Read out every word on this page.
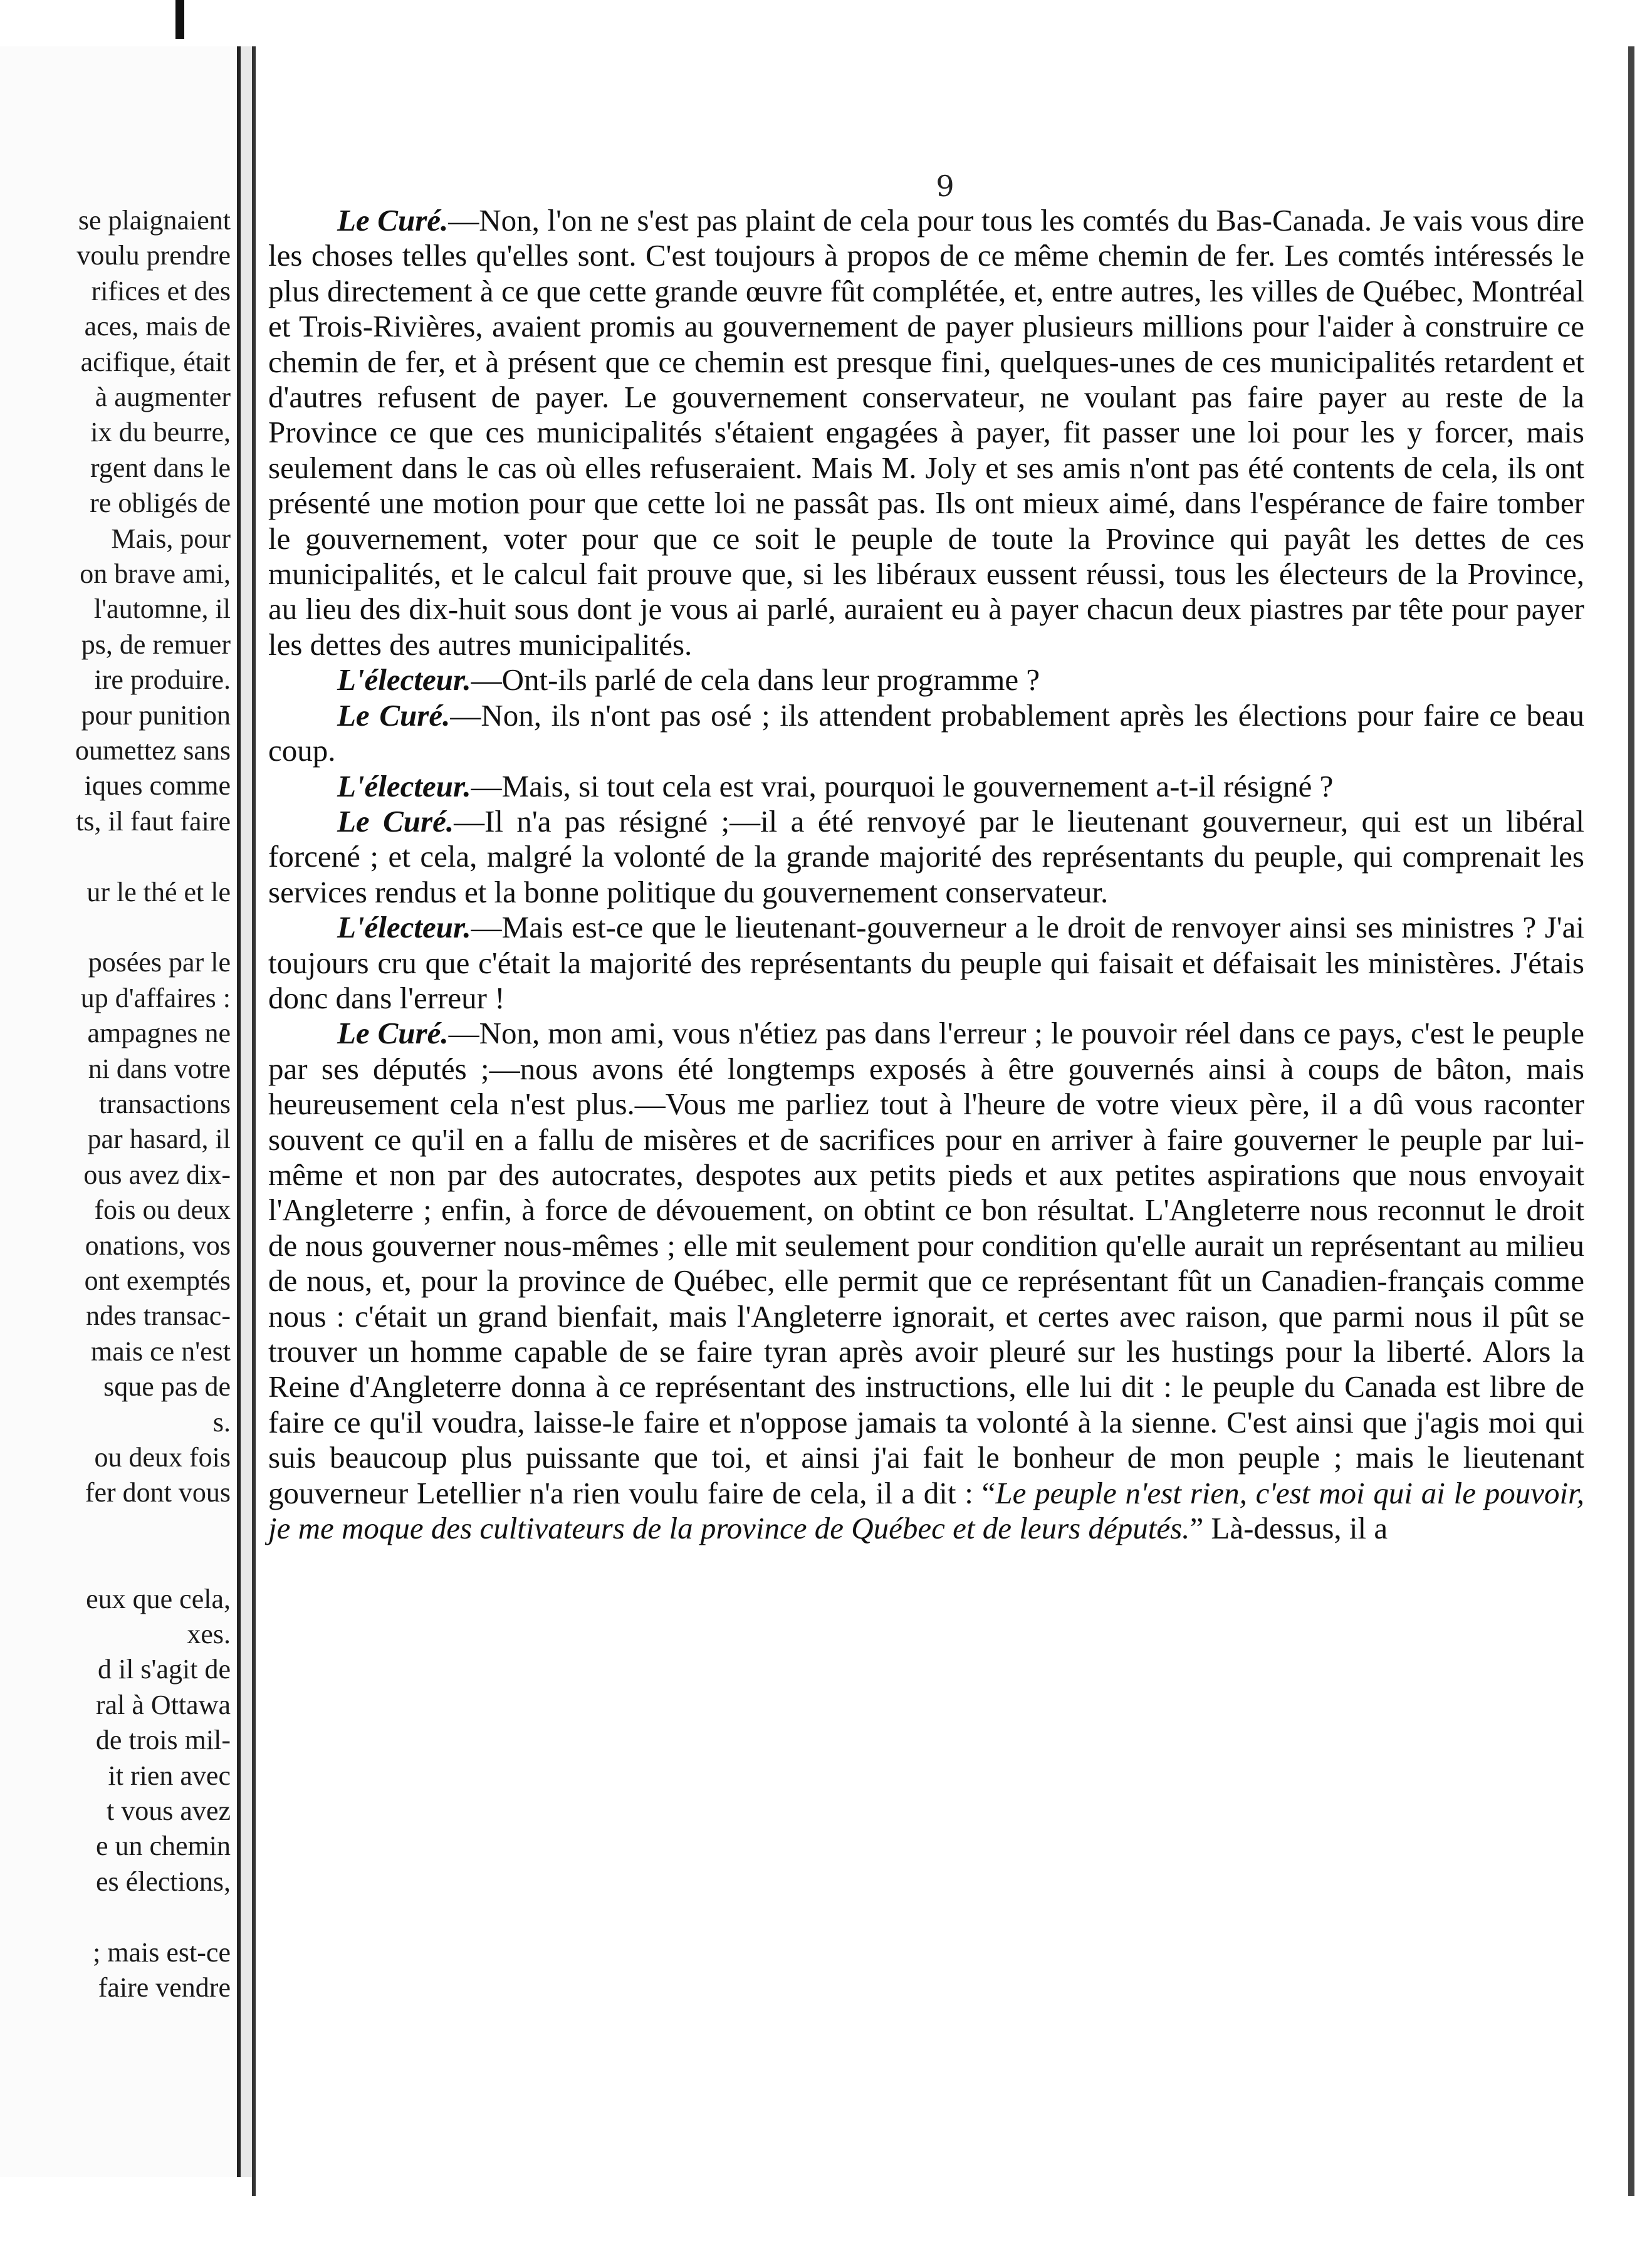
se plaignaient
voulu prendre
rifices et des
aces, mais de
acifique, était
à augmenter
ix du beurre,
rgent dans le
re obligés de
Mais, pour
on brave ami,
l'automne, il
ps, de remuer
ire produire.
pour punition
oumettez sans
iques comme
ts, il faut faire
ur le thé et le
posées par le
up d'affaires :
ampagnes ne
ni dans votre
transactions
par hasard, il
ous avez dix-
fois ou deux
onations, vos
ont exemptés
ndes transac-
mais ce n'est
sque pas de
s.
ou deux fois
fer dont vous
eux que cela,
xes.
d il s'agit de
ral à Ottawa
de trois mil-
it rien avec
t vous avez
e un chemin
es élections,
; mais est-ce
faire vendre
9

Le Curé.—Non, l'on ne s'est pas plaint de cela pour tous les comtés du Bas-Canada. Je vais vous dire les choses telles qu'elles sont. C'est toujours à propos de ce même chemin de fer. Les comtés intéressés le plus directement à ce que cette grande œuvre fût complétée, et, entre autres, les villes de Québec, Montréal et Trois-Rivières, avaient promis au gouvernement de payer plusieurs millions pour l'aider à construire ce chemin de fer, et à présent que ce chemin est presque fini, quelques-unes de ces municipalités retardent et d'autres refusent de payer. Le gouvernement conservateur, ne voulant pas faire payer au reste de la Province ce que ces municipalités s'étaient engagées à payer, fit passer une loi pour les y forcer, mais seulement dans le cas où elles refuseraient. Mais M. Joly et ses amis n'ont pas été contents de cela, ils ont présenté une motion pour que cette loi ne passât pas. Ils ont mieux aimé, dans l'espérance de faire tomber le gouvernement, voter pour que ce soit le peuple de toute la Province qui payât les dettes de ces municipalités, et le calcul fait prouve que, si les libéraux eussent réussi, tous les électeurs de la Province, au lieu des dix-huit sous dont je vous ai parlé, auraient eu à payer chacun deux piastres par tête pour payer les dettes des autres municipalités.

L'électeur.—Ont-ils parlé de cela dans leur programme ?

Le Curé.—Non, ils n'ont pas osé ; ils attendent probablement après les élections pour faire ce beau coup.

L'électeur.—Mais, si tout cela est vrai, pourquoi le gouvernement a-t-il résigné ?

Le Curé.—Il n'a pas résigné ;—il a été renvoyé par le lieutenant gouverneur, qui est un libéral forcené ; et cela, malgré la volonté de la grande majorité des représentants du peuple, qui comprenait les services rendus et la bonne politique du gouvernement conservateur.

L'électeur.—Mais est-ce que le lieutenant-gouverneur a le droit de renvoyer ainsi ses ministres ? J'ai toujours cru que c'était la majorité des représentants du peuple qui faisait et défaisait les ministères. J'étais donc dans l'erreur !

Le Curé.—Non, mon ami, vous n'étiez pas dans l'erreur ; le pouvoir réel dans ce pays, c'est le peuple par ses députés ;—nous avons été longtemps exposés à être gouvernés ainsi à coups de bâton, mais heureusement cela n'est plus.—Vous me parliez tout à l'heure de votre vieux père, il a dû vous raconter souvent ce qu'il en a fallu de misères et de sacrifices pour en arriver à faire gouverner le peuple par lui-même et non par des autocrates, despotes aux petits pieds et aux petites aspirations que nous envoyait l'Angleterre ; enfin, à force de dévouement, on obtint ce bon résultat. L'Angleterre nous reconnut le droit de nous gouverner nous-mêmes ; elle mit seulement pour condition qu'elle aurait un représentant au milieu de nous, et, pour la province de Québec, elle permit que ce représentant fût un Canadien-français comme nous : c'était un grand bienfait, mais l'Angleterre ignorait, et certes avec raison, que parmi nous il pût se trouver un homme capable de se faire tyran après avoir pleuré sur les hustings pour la liberté. Alors la Reine d'Angleterre donna à ce représentant des instructions, elle lui dit : le peuple du Canada est libre de faire ce qu'il voudra, laisse-le faire et n'oppose jamais ta volonté à la sienne. C'est ainsi que j'agis moi qui suis beaucoup plus puissante que toi, et ainsi j'ai fait le bonheur de mon peuple ; mais le lieutenant gouverneur Letellier n'a rien voulu faire de cela, il a dit : “Le peuple n'est rien, c'est moi qui ai le pouvoir, je me moque des cultivateurs de la province de Québec et de leurs députés.” Là-dessus, il a
